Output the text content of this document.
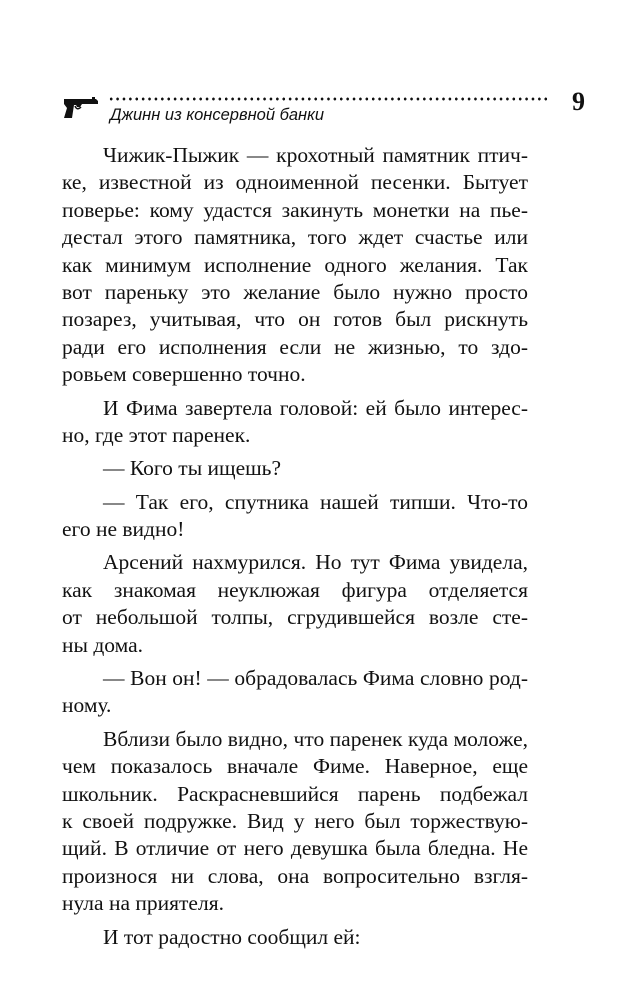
9
Джинн из консервной банки
Чижик-Пыжик — крохотный памятник птич-
ке, известной из одноименной песенки. Бытует
поверье: кому удастся закинуть монетки на пье-
дестал этого памятника, того ждет счастье или
как минимум исполнение одного желания. Так
вот пареньку это желание было нужно просто
позарез, учитывая, что он готов был рискнуть
ради его исполнения если не жизнью, то здо-
ровьем совершенно точно.
И Фима завертела головой: ей было интерес-
но, где этот паренек.
— Кого ты ищешь?
— Так его, спутника нашей типши. Что-то
его не видно!
Арсений нахмурился. Но тут Фима увидела,
как знакомая неуклюжая фигура отделяется
от небольшой толпы, сгрудившейся возле сте-
ны дома.
— Вон он! — обрадовалась Фима словно род-
ному.
Вблизи было видно, что паренек куда моложе,
чем показалось вначале Фиме. Наверное, еще
школьник. Раскрасневшийся парень подбежал
к своей подружке. Вид у него был торжествую-
щий. В отличие от него девушка была бледна. Не
произнося ни слова, она вопросительно взгля-
нула на приятеля.
И тот радостно сообщил ей:
